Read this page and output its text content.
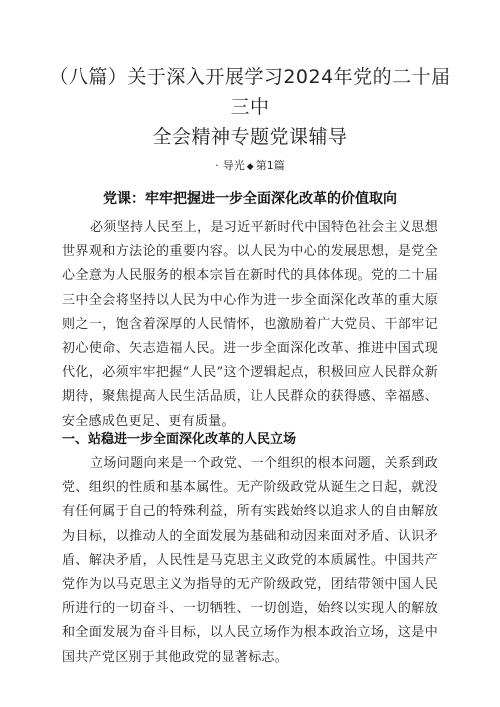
（八篇）关于深入开展学习2024年党的二十届三中
全会精神专题党课辅导
· 导光 ◆ 第1篇
党课：牢牢把握进一步全面深化改革的价值取向

必须坚持人民至上，是习近平新时代中国特色社会主义思想世界观和方法论的重要内容。以人民为中心的发展思想，是党全心全意为人民服务的根本宗旨在新时代的具体体现。党的二十届三中全会将坚持以人民为中心作为进一步全面深化改革的重大原则之一，饱含着深厚的人民情怀，也激励着广大党员、干部牢记初心使命、矢志造福人民。进一步全面深化改革、推进中国式现代化，必须牢牢把握“人民”这个逻辑起点，积极回应人民群众新期待，聚焦提高人民生活品质，让人民群众的获得感、幸福感、安全感成色更足、更有质量。

一、站稳进一步全面深化改革的人民立场

立场问题向来是一个政党、一个组织的根本问题，关系到政党、组织的性质和基本属性。无产阶级政党从诞生之日起，就没有任何属于自己的特殊利益，所有实践始终以追求人的自由解放为目标，以推动人的全面发展为基础和动因来面对矛盾、认识矛盾、解决矛盾，人民性是马克思主义政党的本质属性。中国共产党作为以马克思主义为指导的无产阶级政党，团结带领中国人民所进行的一切奋斗、一切牺牲、一切创造，始终以实现人的解放和全面发展为奋斗目标，以人民立场作为根本政治立场，这是中国共产党区别于其他政党的显著标志。
